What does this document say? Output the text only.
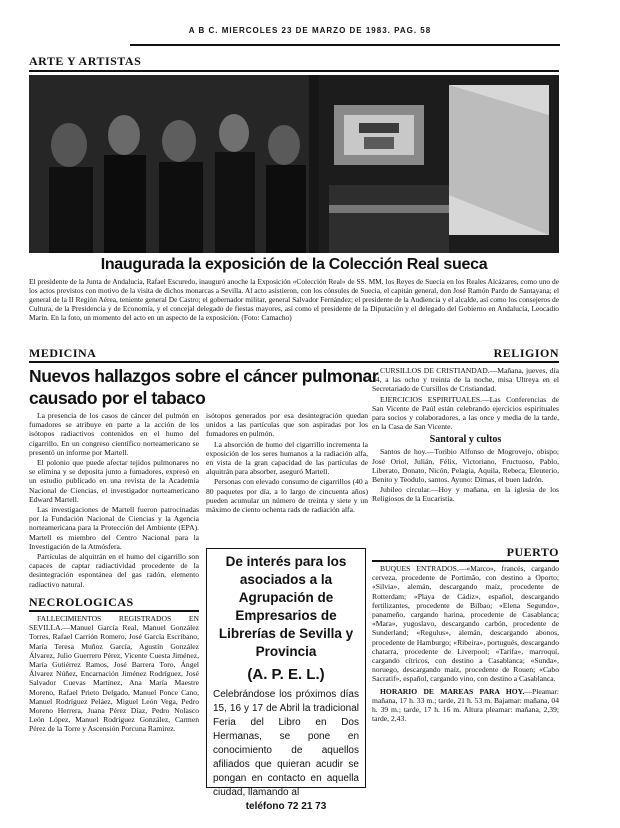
A B C. MIERCOLES 23 DE MARZO DE 1983. PAG. 58
ARTE Y ARTISTAS
Inaugurada la exposición de la Colección Real sueca
El presidente de la Junta de Andalucía, Rafael Escuredo, inauguró anoche la Exposición «Colección Real» de SS. MM. los Reyes de Suecia en los Reales Alcázares, como uno de los actos previstos con motivo de la visita de dichos monarcas a Sevilla. Al acto asistieron, con los cónsules de Suecia, el capitán general, don José Ramón Pardo de Santayana; el general de la II Región Aérea, teniente general De Castro; el gobernador militar, general Salvador Fernández; el presidente de la Audiencia y el alcalde, así como los consejeros de Cultura, de la Presidencia y de Economía, y el concejal delegado de fiestas mayores, así como el presidente de la Diputación y el delegado del Gobierno en Andalucía, Leocadio Marín. En la foto, un momento del acto en un aspecto de la exposición. (Foto: Camacho)
MEDICINA
Nuevos hallazgos sobre el cáncer pulmonar
causado por el tabaco

La presencia de los casos de cáncer del pulmón en fumadores se atribuye en parte a la acción de los isótopos radiactivos contenidos en el humo del cigarrillo. En un congreso científico norteamericano se presentó un informe por Martell.

El polonio que puede afectar tejidos pulmonares no se elimina y se deposita junto a fumadores, expresó en un estudio publicado en una revista de la Academia Nacional de Ciencias, el investigador norteamericano Edward Martell.

Las investigaciones de Martell fueron patrocinadas por la Fundación Nacional de Ciencias y la Agencia norteamericana para la Protección del Ambiente (EPA). Martell es miembro del Centro Nacional para la Investigación de la Atmósfera.

Partículas de alquitrán en el humo del cigarrillo son capaces de captar radiactividad procedente de la desintegración espontánea del gas radón, elemento radiactivo natural.

isótopos generados por esa desintegración quedan unidos a las partículas que son aspiradas por los fumadores en pulmón.

La absorción de humo del cigarrillo incrementa la exposición de los seres humanos a la radiación alfa, en vista de la gran capacidad de las partículas de alquitrán para absorber, aseguró Martell.

Personas con elevado consumo de cigarrillos (40 a 80 paquetes por día, a lo largo de cincuenta años) pueden acumular un número de treinta y siete y un máximo de ciento ochenta rads de radiación alfa.

NECROLOGICAS

FALLECIMIENTOS REGISTRADOS EN SEVILLA.—Manuel García Real, Manuel González Torres, Rafael Carrión Romero, José García Escribano, María Teresa Muñoz García, Agustín González Álvarez, Julio Guerrero Pérez, Vicente Cuesta Jiménez, María Gutiérrez Ramos, José Barrera Toro, Ángel Álvarez Núñez, Encarnación Jiménez Rodríguez, José Salvador Cuevas Martínez, Ana María Maestre Moreno, Rafael Prieto Delgado, Manuel Ponce Cano, Manuel Rodríguez Peláez, Miguel León Vega, Pedro Moreno Herrera, Juana Pérez Díaz, Pedro Nolasco León López, Manuel Rodríguez González, Carmen Pérez de la Torre y Ascensión Porcuna Ramírez.

De interés para los asociados a la Agrupación de Empresarios de Librerías de Sevilla y Provincia
(A. P. E. L.)
Celebrándose los próximos días 15, 16 y 17 de Abril la tradicional Feria del Libro en Dos Hermanas, se pone en conocimiento de aquellos afiliados que quieran acudir se pongan en contacto en aquella ciudad, llamando al
teléfono 72 21 73
RELIGION

CURSILLOS DE CRISTIANDAD.—Mañana, jueves, día 24, a las ocho y treinta de la noche, misa Ultreya en el Secretariado de Cursillos de Cristiandad.

EJERCICIOS ESPIRITUALES.—Las Conferencias de San Vicente de Paúl están celebrando ejercicios espirituales para socios y colaboradores, a las once y media de la tarde, en la Casa de San Vicente.

Santoral y cultos

Santos de hoy.—Toribio Alfonso de Mogrovejo, obispo; José Oriol, Julián, Félix, Victoriano, Fructuoso, Pablo, Liberato, Donato, Nicón, Pelagia, Aquila, Rebeca, Eleuterio, Benito y Teodulo, santos. Ayuno: Dimas, el buen ladrón.

Jubileo circular.—Hoy y mañana, en la iglesia de los Religiosos de la Eucaristía.

PUERTO

BUQUES ENTRADOS.—«Marco», francés, cargando cerveza, procedente de Portimão, con destino a Oporto; «Silvia», alemán, descargando maíz, procedente de Rotterdam; «Playa de Cádiz», español, descargando fertilizantes, procedente de Bilbao; «Elena Segundo», panameño, cargando harina, procedente de Casablanca; «Mara», yugoslavo, descargando carbón, procedente de Sunderland; «Regulus», alemán, descargando abonos, procedente de Hamburgo; «Ribeira», portugués, descargando chatarra, procedente de Liverpool; «Tarifa», marroquí, cargando cítricos, con destino a Casablanca; «Sunda», noruego, descargando maíz, procedente de Rouen; «Cabo Sacratif», español, cargando vino, con destino a Casablanca.

HORARIO DE MAREAS PARA HOY.—Pleamar: mañana, 17 h. 33 m.; tarde, 21 h. 53 m. Bajamar: mañana, 04 h. 39 m.; tarde, 17 h. 16 m. Altura pleamar: mañana, 2,39; tarde, 2,43.
